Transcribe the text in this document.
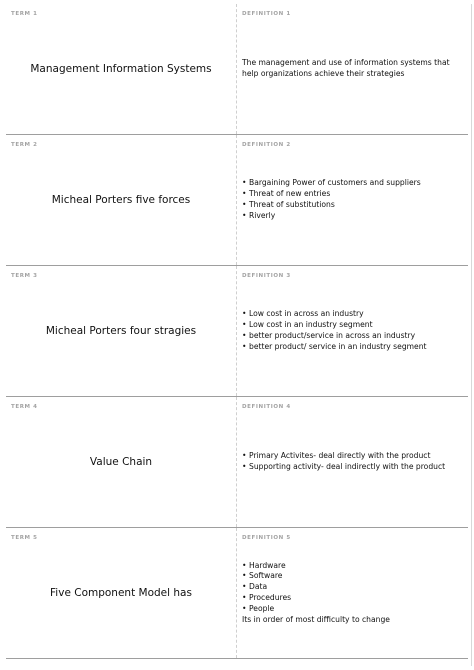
TERM 1
Management Information Systems
DEFINITION 1

The management and use of information systems that help organizations achieve their strategies

TERM 2
Micheal Porters five forces
DEFINITION 2
• Bargaining Power of customers and suppliers
• Threat of new entries
• Threat of substitutions
• Riverly
TERM 3
Micheal Porters four stragies
DEFINITION 3
• Low cost in across an industry
• Low cost in an industry segment
• better product/service in across an industry
• better product/ service in an industry segment
TERM 4
Value Chain
DEFINITION 4
• Primary Activites- deal directly with the product
• Supporting activity- deal indirectly with the product
TERM 5
Five Component Model has
DEFINITION 5
• Hardware
• Software
• Data
• Procedures
• People

Its in order of most difficulty to change
